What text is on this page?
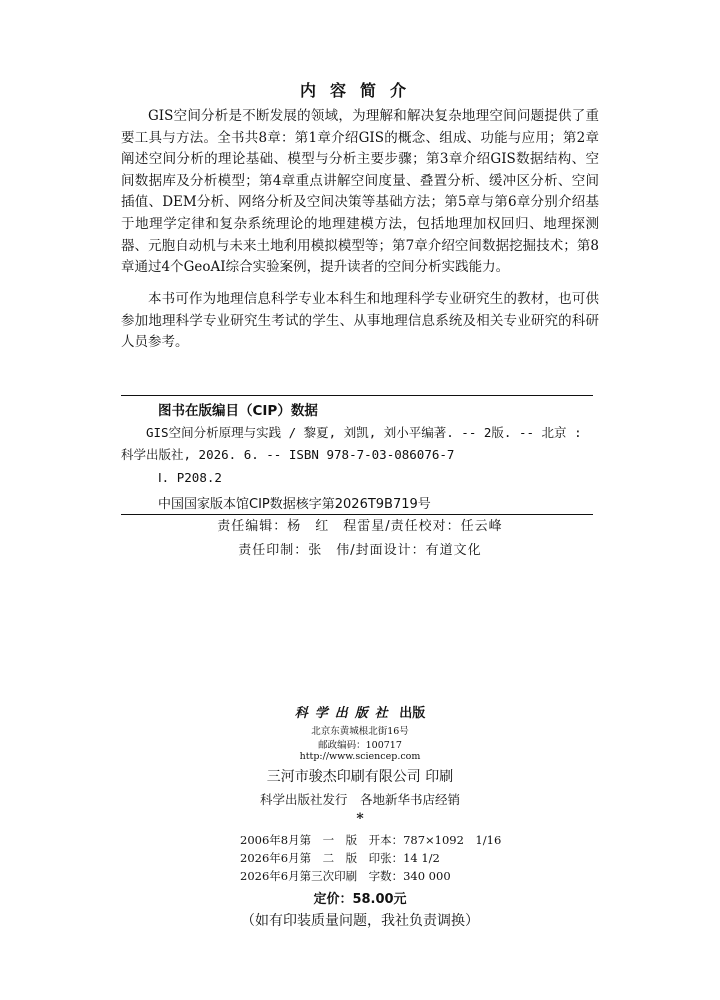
内容简介

GIS空间分析是不断发展的领域，为理解和解决复杂地理空间问题提供了重要工具与方法。全书共8章：第1章介绍GIS的概念、组成、功能与应用；第2章阐述空间分析的理论基础、模型与分析主要步骤；第3章介绍GIS数据结构、空间数据库及分析模型；第4章重点讲解空间度量、叠置分析、缓冲区分析、空间插值、DEM分析、网络分析及空间决策等基础方法；第5章与第6章分别介绍基于地理学定律和复杂系统理论的地理建模方法，包括地理加权回归、地理探测器、元胞自动机与未来土地利用模拟模型等；第7章介绍空间数据挖掘技术；第8章通过4个GeoAI综合实验案例，提升读者的空间分析实践能力。

本书可作为地理信息科学专业本科生和地理科学专业研究生的教材，也可供参加地理科学专业研究生考试的学生、从事地理信息系统及相关专业研究的科研人员参考。

图书在版编目（CIP）数据
GIS空间分析原理与实践 / 黎夏, 刘凯, 刘小平编著. -- 2版. -- 北京 : 科学出版社, 2026. 6. -- ISBN 978-7-03-086076-7
Ⅰ. P208.2
中国国家版本馆CIP数据核字第2026T9B719号
责任编辑：杨　红　程雷星/责任校对：任云峰
责任印制：张　伟/封面设计：有道文化
科学出版社 出版
北京东黄城根北街16号
邮政编码：100717
http://www.sciencep.com
三河市骏杰印刷有限公司 印刷
科学出版社发行　各地新华书店经销
*
2006年8月第　一　版　开本：787×1092　1/16
2026年6月第　二　版　印张：14 1/2
2026年6月第三次印刷　字数：340 000
定价：58.00元
（如有印装质量问题，我社负责调换）
